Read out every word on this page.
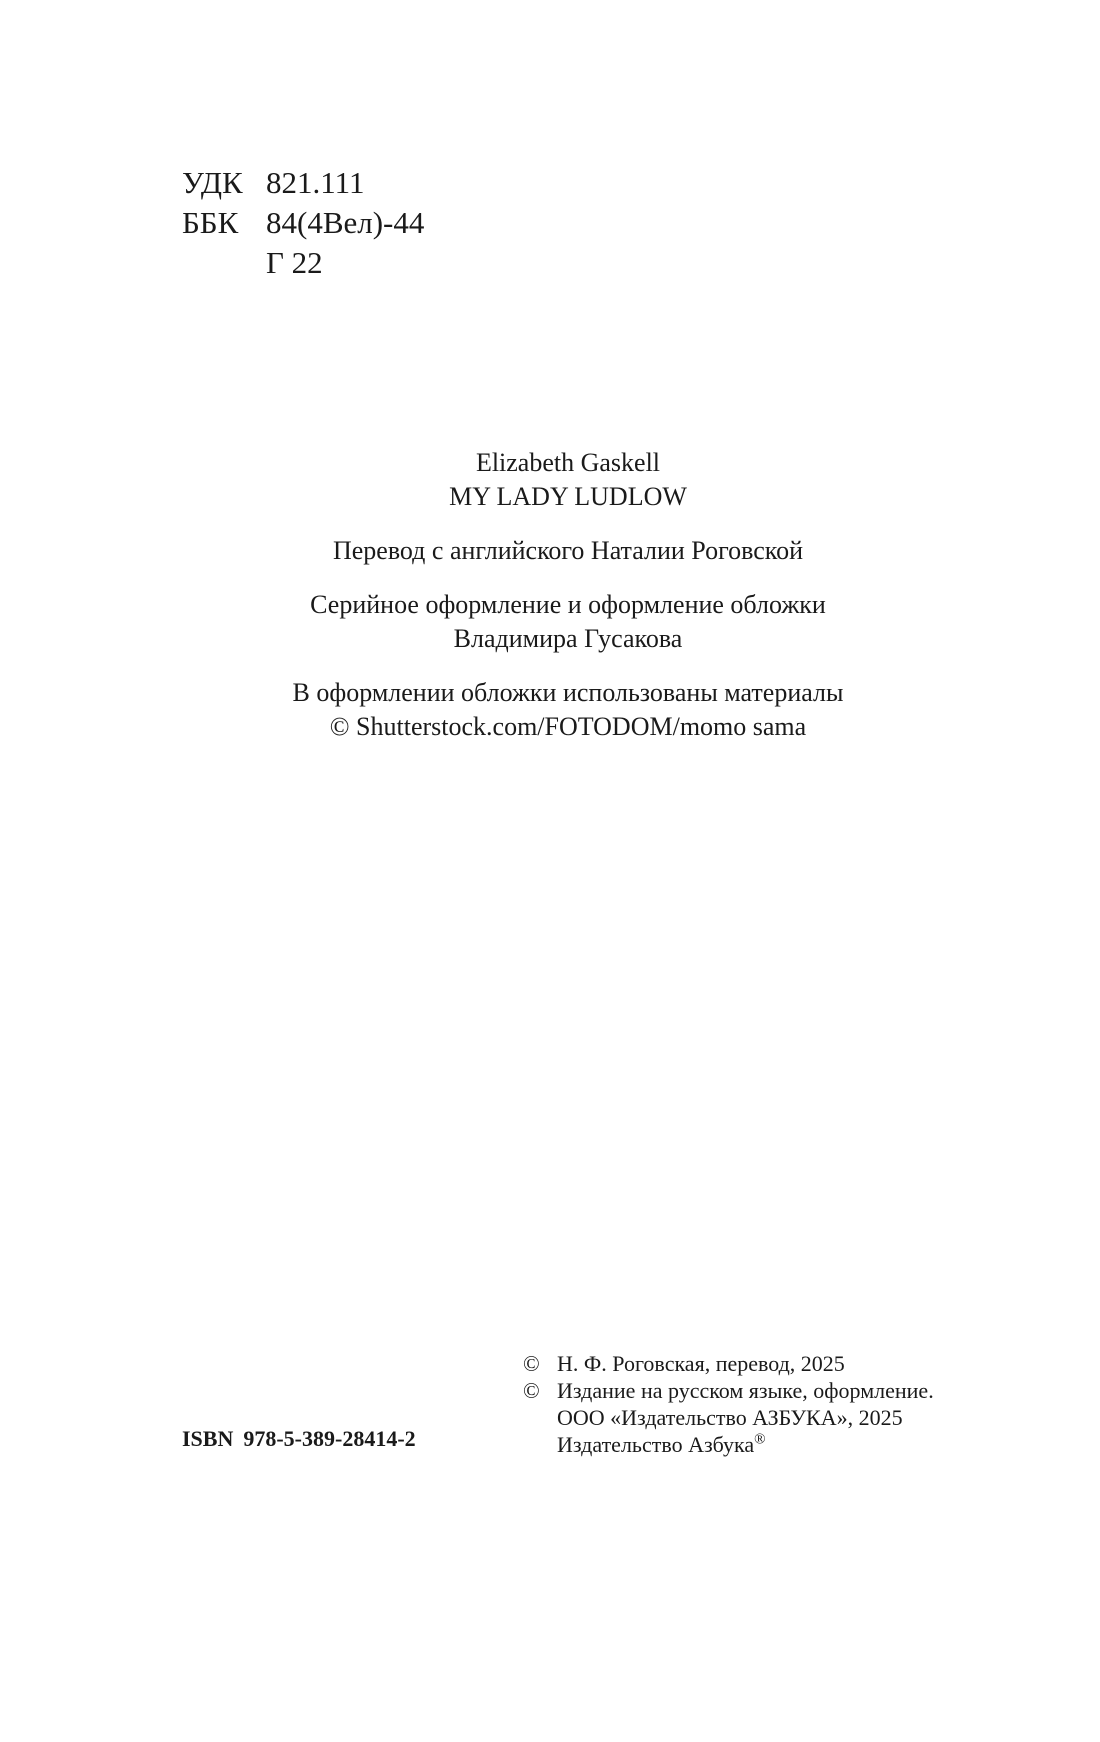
УДК 821.111
ББК 84(4Вел)-44
Г 22
Elizabeth Gaskell
MY LADY LUDLOW
Перевод с английского Наталии Роговской
Серийное оформление и оформление обложки
Владимира Гусакова
В оформлении обложки использованы материалы
© Shutterstock.com/FOTODOM/momo sama
© Н. Ф. Роговская, перевод, 2025
© Издание на русском языке, оформление.
ООО «Издательство АЗБУКА», 2025
Издательство Азбука®
ISBN 978-5-389-28414-2
